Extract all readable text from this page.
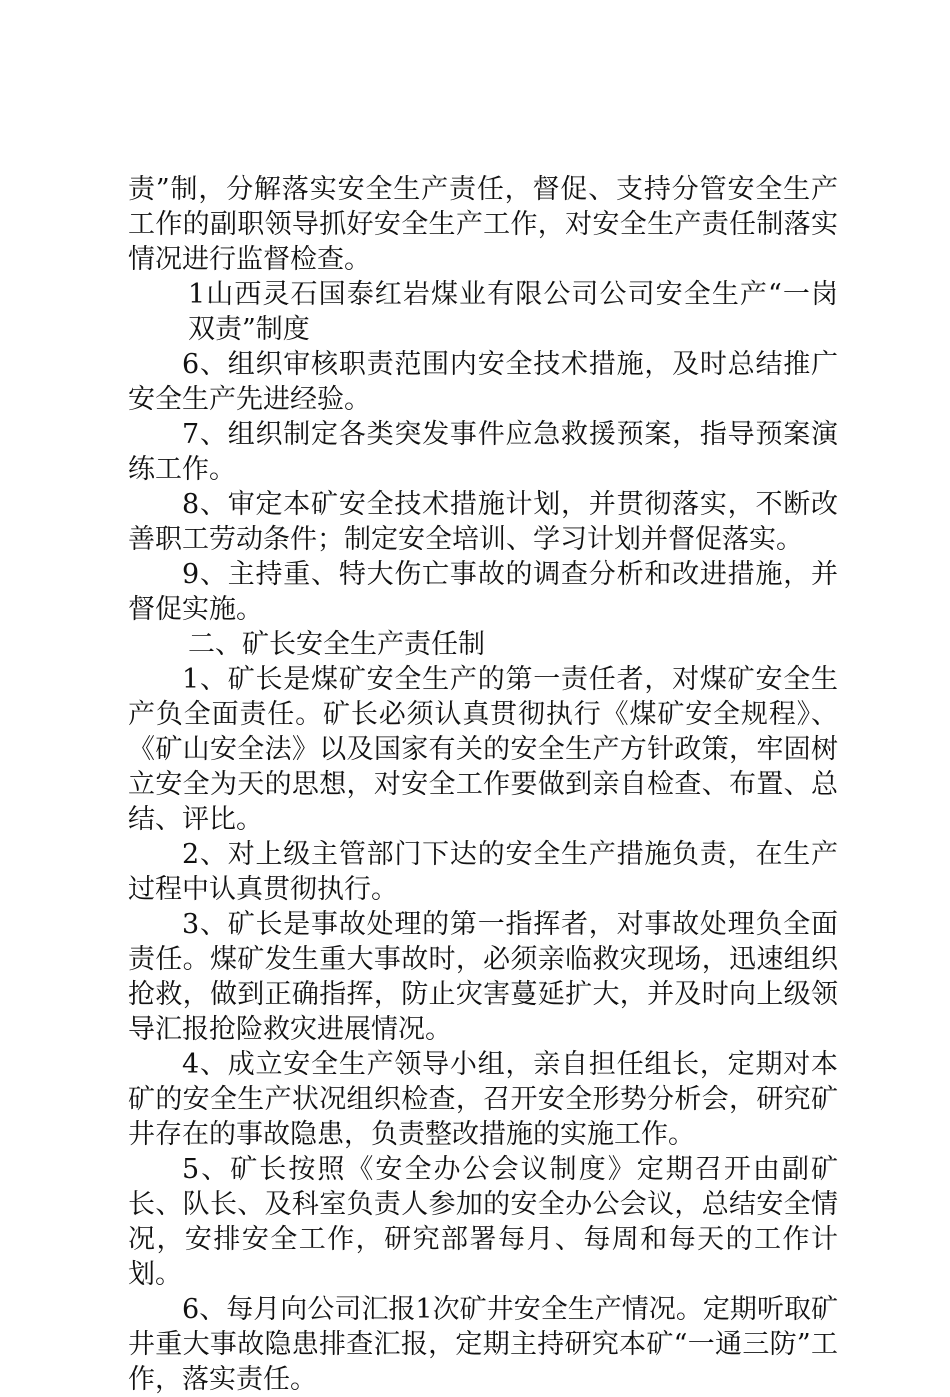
责”制，分解落实安全生产责任，督促、支持分管安全生产工作的副职领导抓好安全生产工作，对安全生产责任制落实情况进行监督检查。

1山西灵石国泰红岩煤业有限公司公司安全生产“一岗双责”制度

6、组织审核职责范围内安全技术措施，及时总结推广安全生产先进经验。

7、组织制定各类突发事件应急救援预案，指导预案演练工作。

8、审定本矿安全技术措施计划，并贯彻落实，不断改善职工劳动条件；制定安全培训、学习计划并督促落实。

9、主持重、特大伤亡事故的调查分析和改进措施，并督促实施。

二、矿长安全生产责任制

1、矿长是煤矿安全生产的第一责任者，对煤矿安全生产负全面责任。矿长必须认真贯彻执行《煤矿安全规程》、《矿山安全法》以及国家有关的安全生产方针政策，牢固树立安全为天的思想，对安全工作要做到亲自检查、布置、总结、评比。

2、对上级主管部门下达的安全生产措施负责，在生产过程中认真贯彻执行。

3、矿长是事故处理的第一指挥者，对事故处理负全面责任。煤矿发生重大事故时，必须亲临救灾现场，迅速组织抢救，做到正确指挥，防止灾害蔓延扩大，并及时向上级领导汇报抢险救灾进展情况。

4、成立安全生产领导小组，亲自担任组长，定期对本矿的安全生产状况组织检查，召开安全形势分析会，研究矿井存在的事故隐患，负责整改措施的实施工作。

5、矿长按照《安全办公会议制度》定期召开由副矿长、队长、及科室负责人参加的安全办公会议，总结安全情况，安排安全工作，研究部署每月、每周和每天的工作计划。

6、每月向公司汇报1次矿井安全生产情况。定期听取矿井重大事故隐患排查汇报，定期主持研究本矿“一通三防”工作，落实责任。
